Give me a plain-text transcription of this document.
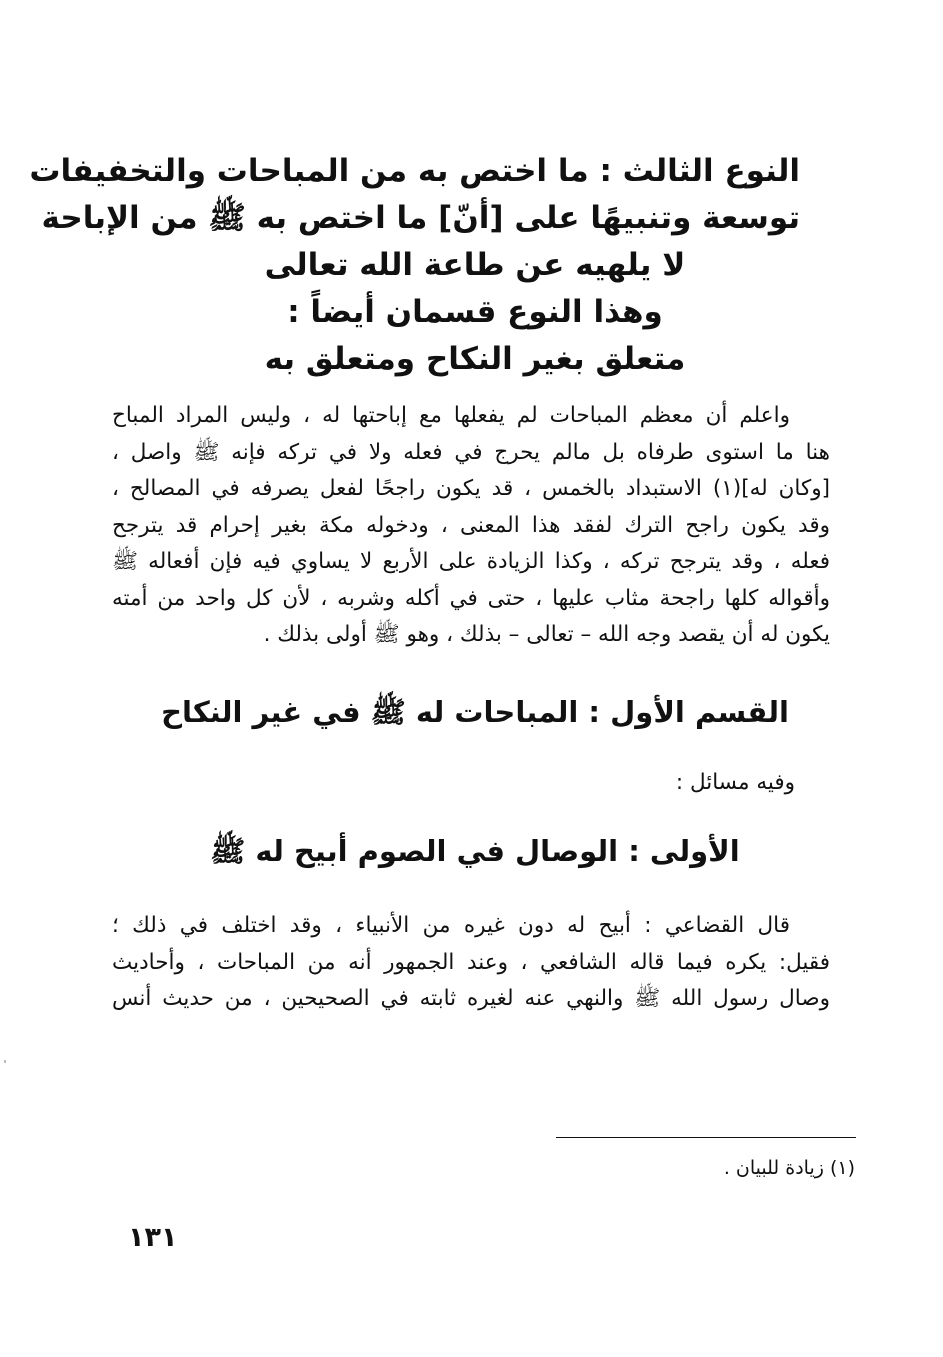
النوع الثالث : ما اختص به من المباحات والتخفيفات
توسعة وتنبيهًا على [أنّ] ما اختص به ﷺ من الإباحة
لا يلهيه عن طاعة الله تعالى
وهذا النوع قسمان أيضاً :
متعلق بغير النكاح ومتعلق به
واعلم أن معظم المباحات لم يفعلها مع إباحتها له ، وليس المراد المباح
هنا ما استوى طرفاه بل مالم يحرج في فعله ولا في تركه فإنه ﷺ واصل ،
[وكان له](١) الاستبداد بالخمس ، قد يكون راجحًا لفعل يصرفه في المصالح ،
وقد يكون راجح الترك لفقد هذا المعنى ، ودخوله مكة بغير إحرام قد يترجح
فعله ، وقد يترجح تركه ، وكذا الزيادة على الأربع لا يساوي فيه فإن أفعاله ﷺ
وأقواله كلها راجحة مثاب عليها ، حتى في أكله وشربه ، لأن كل واحد من أمته
يكون له أن يقصد وجه الله – تعالى – بذلك ، وهو ﷺ أولى بذلك .
القسم الأول : المباحات له ﷺ في غير النكاح
وفيه مسائل :
الأولى : الوصال في الصوم أبيح له ﷺ
قال القضاعي : أبيح له دون غيره من الأنبياء ، وقد اختلف في ذلك ؛
فقيل: يكره فيما قاله الشافعي ، وعند الجمهور أنه من المباحات ، وأحاديث
وصال رسول الله ﷺ والنهي عنه لغيره ثابته في الصحيحين ، من حديث أنس
(١) زيادة للبيان .
١٣١
